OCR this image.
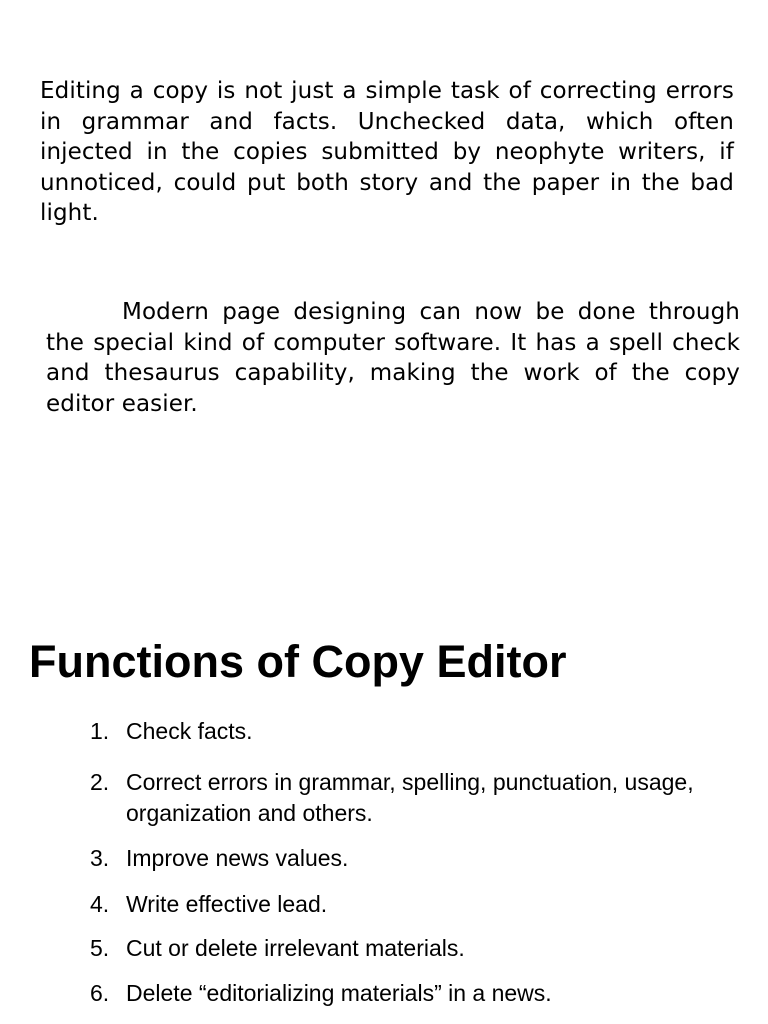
Editing a copy is not just a simple task of correcting errors in grammar and facts. Unchecked data, which often injected in the copies submitted by neophyte writers, if unnoticed, could put both story and the paper in the bad light.

Modern page designing can now be done through the special kind of computer software. It has a spell check and thesaurus capability, making the work of the copy editor easier.

Functions of Copy Editor
1. Check facts.
2. Correct errors in grammar, spelling, punctuation, usage, organization and others.
3. Improve news values.
4. Write effective lead.
5. Cut or delete irrelevant materials.
6. Delete “editorializing materials” in a news.
